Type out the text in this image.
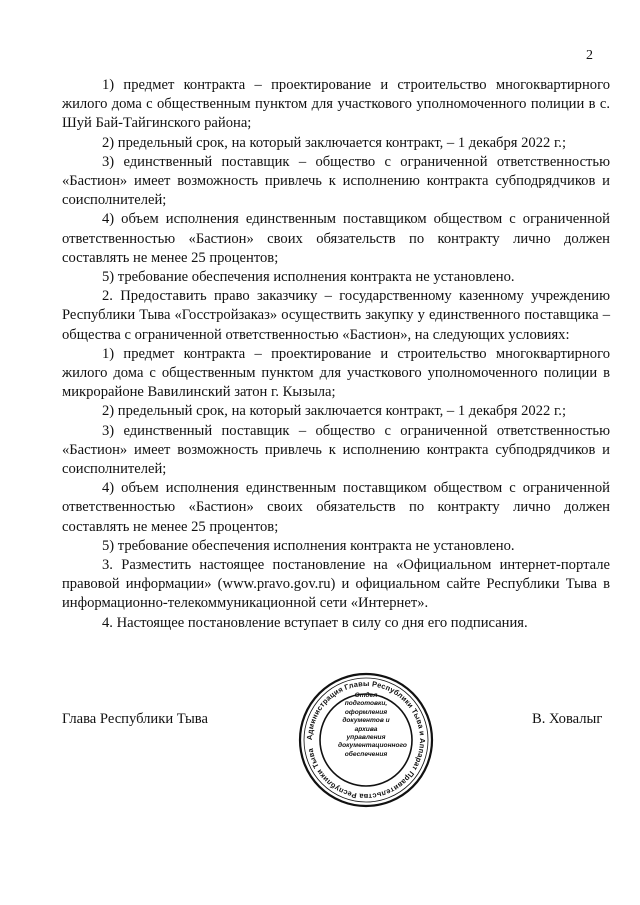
2

1) предмет контракта – проектирование и строительство многоквартирного жилого дома с общественным пунктом для участкового уполномоченного полиции в с. Шуй Бай-Тайгинского района;

2) предельный срок, на который заключается контракт, – 1 декабря 2022 г.;

3) единственный поставщик – общество с ограниченной ответственностью «Бастион» имеет возможность привлечь к исполнению контракта субподрядчиков и соисполнителей;

4) объем исполнения единственным поставщиком обществом с ограниченной ответственностью «Бастион» своих обязательств по контракту лично должен составлять не менее 25 процентов;

5) требование обеспечения исполнения контракта не установлено.

2. Предоставить право заказчику – государственному казенному учреждению Республики Тыва «Госстройзаказ» осуществить закупку у единственного поставщика – общества с ограниченной ответственностью «Бастион», на следующих условиях:

1) предмет контракта – проектирование и строительство многоквартирного жилого дома с общественным пунктом для участкового уполномоченного полиции в микрорайоне Вавилинский затон г. Кызыла;

2) предельный срок, на который заключается контракт, – 1 декабря 2022 г.;

3) единственный поставщик – общество с ограниченной ответственностью «Бастион» имеет возможность привлечь к исполнению контракта субподрядчиков и соисполнителей;

4) объем исполнения единственным поставщиком обществом с ограниченной ответственностью «Бастион» своих обязательств по контракту лично должен составлять не менее 25 процентов;

5) требование обеспечения исполнения контракта не установлено.

3. Разместить настоящее постановление на «Официальном интернет-портале правовой информации» (www.pravo.gov.ru) и официальном сайте Республики Тыва в информационно-телекоммуникационной сети «Интернет».

4. Настоящее постановление вступает в силу со дня его подписания.

Глава Республики Тыва
Администрация Главы Республики Тыва и Аппарат Правительства Республики Тыва
Отдел подготовки, оформления документов и архива управления документационного обеспечения
В. Ховалыг
